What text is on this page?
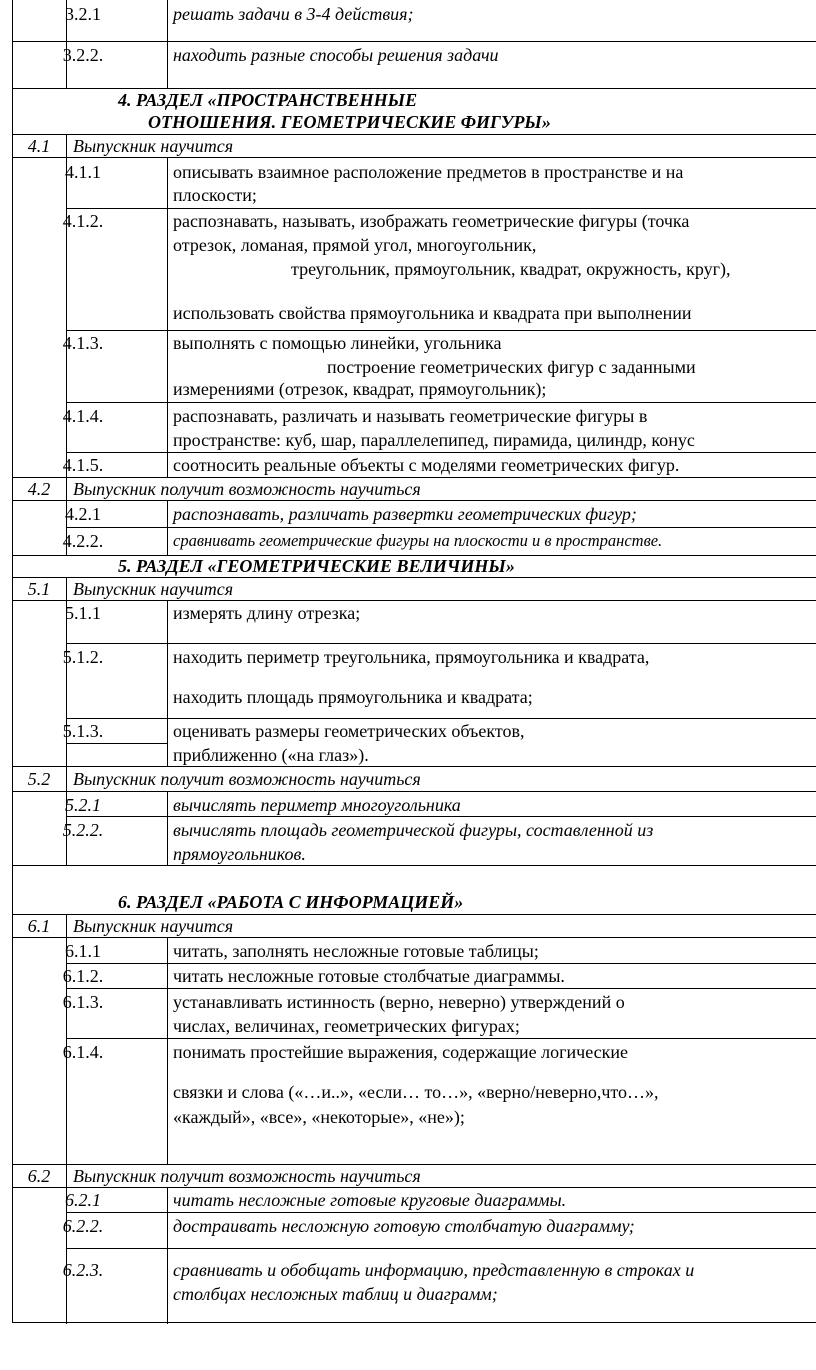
3.2.1	решать задачи в 3-4 действия;
3.2.2.	находить разные способы решения задачи
4. РАЗДЕЛ «ПРОСТРАНСТВЕННЫЕ
ОТНОШЕНИЯ. ГЕОМЕТРИЧЕСКИЕ ФИГУРЫ»
4.1	Выпускник научится
4.1.1	описывать взаимное расположение предметов в пространстве и на
плоскости;
4.1.2.	распознавать, называть, изображать геометрические фигуры (точка
отрезок, ломаная, прямой угол, многоугольник,
треугольник, прямоугольник, квадрат, окружность, круг),
использовать свойства прямоугольника и квадрата при выполнении
4.1.3.	выполнять с помощью линейки, угольника
построение геометрических фигур с заданными
измерениями (отрезок, квадрат, прямоугольник);
4.1.4.	распознавать, различать и называть геометрические фигуры в
пространстве: куб, шар, параллелепипед, пирамида, цилиндр, конус
4.1.5.	соотносить реальные объекты с моделями геометрических фигур.
4.2	Выпускник получит возможность научиться
4.2.1	распознавать, различать развертки геометрических фигур;
4.2.2.	сравнивать геометрические фигуры на плоскости и в пространстве.
5. РАЗДЕЛ «ГЕОМЕТРИЧЕСКИЕ ВЕЛИЧИНЫ»
5.1	Выпускник научится
5.1.1	измерять длину отрезка;
5.1.2.	находить периметр треугольника, прямоугольника и квадрата,
находить площадь прямоугольника и квадрата;
5.1.3.	оценивать размеры геометрических объектов,
приближенно («на глаз»).
5.2	Выпускник получит возможность научиться
5.2.1	вычислять периметр многоугольника
5.2.2.	вычислять площадь геометрической фигуры, составленной из
прямоугольников.
6. РАЗДЕЛ «РАБОТА С ИНФОРМАЦИЕЙ»
6.1	Выпускник научится
6.1.1	читать, заполнять несложные готовые таблицы;
6.1.2.	читать несложные готовые столбчатые диаграммы.
6.1.3.	устанавливать истинность (верно, неверно) утверждений о
числах, величинах, геометрических фигурах;
6.1.4.	понимать простейшие выражения, содержащие логические
связки и слова («…и..», «если… то…», «верно/неверно,что…»,
«каждый», «все», «некоторые», «не»);
6.2	Выпускник получит возможность научиться
6.2.1	читать несложные готовые круговые диаграммы.
6.2.2.	достраивать несложную готовую столбчатую диаграмму;
6.2.3.	сравнивать и обобщать информацию, представленную в строках и
столбцах несложных таблиц и диаграмм;
